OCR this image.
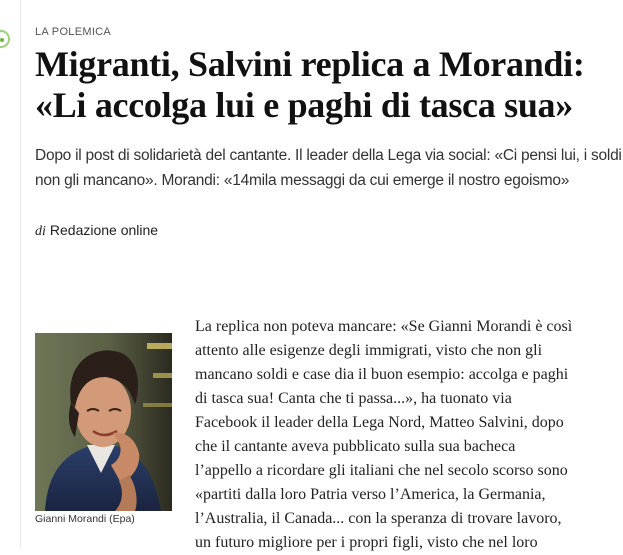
LA POLEMICA
Migranti, Salvini replica a Morandi:
«Li accolga lui e paghi di tasca sua»

Dopo il post di solidarietà del cantante. Il leader della Lega via social: «Ci pensi lui, i soldi
non gli mancano». Morandi: «14mila messaggi da cui emerge il nostro egoismo»

di Redazione online
Gianni Morandi (Epa)
La replica non poteva mancare: «Se Gianni Morandi è così
attento alle esigenze degli immigrati, visto che non gli
mancano soldi e case dia il buon esempio: accolga e paghi
di tasca sua! Canta che ti passa...», ha tuonato via
Facebook il leader della Lega Nord, Matteo Salvini, dopo
che il cantante aveva pubblicato sulla sua bacheca
l’appello a ricordare gli italiani che nel secolo scorso sono
«partiti dalla loro Patria verso l’America, la Germania,
l’Australia, il Canada... con la speranza di trovare lavoro,
un futuro migliore per i propri figli, visto che nel loro
